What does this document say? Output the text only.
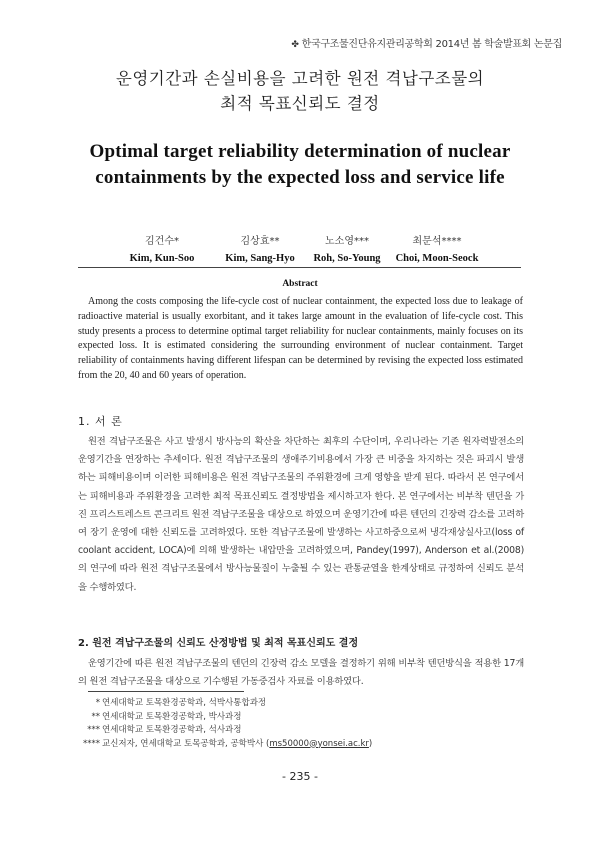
✤ 한국구조물진단유지관리공학회 2014년 봄 학술발표회 논문집
운영기간과 손실비용을 고려한 원전 격납구조물의
최적 목표신뢰도 결정
Optimal target reliability determination of nuclear
containments by the expected loss and service life
김건수*
Kim, Kun-Soo
김상효**
Kim, Sang-Hyo
노소영***
Roh, So-Young
최문석****
Choi, Moon-Seock
Abstract

Among the costs composing the life-cycle cost of nuclear containment, the expected loss due to leakage of radioactive material is usually exorbitant, and it takes large amount in the evaluation of life-cycle cost. This study presents a process to determine optimal target reliability for nuclear containments, mainly focuses on its expected loss. It is estimated considering the surrounding environment of nuclear containment. Target reliability of containments having different lifespan can be determined by revising the expected loss estimated from the 20, 40 and 60 years of operation.

1. 서 론

원전 격납구조물은 사고 발생시 방사능의 확산을 차단하는 최후의 수단이며, 우리나라는 기존 원자력발전소의 운영기간을 연장하는 추세이다. 원전 격납구조물의 생애주기비용에서 가장 큰 비중을 차지하는 것은 파괴시 발생하는 피해비용이며 이러한 피해비용은 원전 격납구조물의 주위환경에 크게 영향을 받게 된다. 따라서 본 연구에서는 피해비용과 주위환경을 고려한 최적 목표신뢰도 결정방법을 제시하고자 한다. 본 연구에서는 비부착 텐던을 가진 프리스트레스트 콘크리트 원전 격납구조물을 대상으로 하였으며 운영기간에 따른 텐던의 긴장력 감소를 고려하여 장기 운영에 대한 신뢰도를 고려하였다. 또한 격납구조물에 발생하는 사고하중으로써 냉각재상실사고(loss of coolant accident, LOCA)에 의해 발생하는 내압만을 고려하였으며, Pandey(1997), Anderson et al.(2008)의 연구에 따라 원전 격납구조물에서 방사능물질이 누출될 수 있는 관통균열을 한계상태로 규정하여 신뢰도 분석을 수행하였다.

2. 원전 격납구조물의 신뢰도 산정방법 및 최적 목표신뢰도 결정

운영기간에 따른 원전 격납구조물의 텐던의 긴장력 감소 모델을 결정하기 위해 비부착 텐던방식을 적용한 17개의 원전 격납구조물을 대상으로 기수행된 가동중검사 자료를 이용하였다.

* 연세대학교 토목환경공학과, 석박사통합과정
** 연세대학교 토목환경공학과, 박사과정
*** 연세대학교 토목환경공학과, 석사과정
**** 교신저자, 연세대학교 토목공학과, 공학박사 (ms50000@yonsei.ac.kr)
- 235 -
